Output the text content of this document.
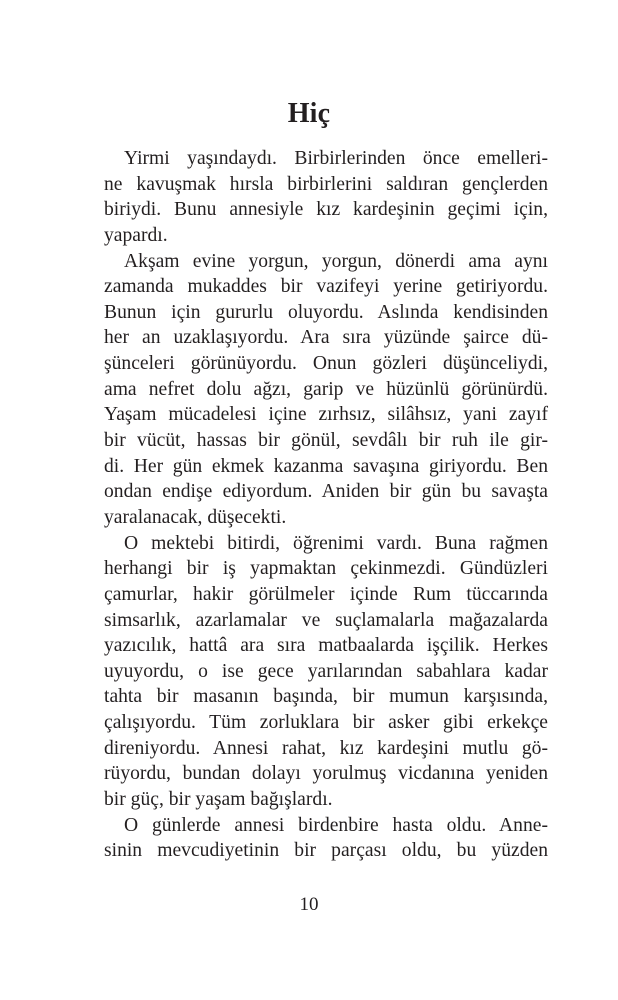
Hiç
Yirmi yaşındaydı. Birbirlerinden önce emelleri-
ne kavuşmak hırsla birbirlerini saldıran gençlerden
biriydi. Bunu annesiyle kız kardeşinin geçimi için,
yapardı.
Akşam evine yorgun, yorgun, dönerdi ama aynı
zamanda mukaddes bir vazifeyi yerine getiriyordu.
Bunun için gururlu oluyordu. Aslında kendisinden
her an uzaklaşıyordu. Ara sıra yüzünde şairce dü-
şünceleri görünüyordu. Onun gözleri düşünceliydi,
ama nefret dolu ağzı, garip ve hüzünlü görünürdü.
Yaşam mücadelesi içine zırhsız, silâhsız, yani zayıf
bir vücüt, hassas bir gönül, sevdâlı bir ruh ile gir-
di. Her gün ekmek kazanma savaşına giriyordu. Ben
ondan endişe ediyordum. Aniden bir gün bu savaşta
yaralanacak, düşecekti.
O mektebi bitirdi, öğrenimi vardı. Buna rağmen
herhangi bir iş yapmaktan çekinmezdi. Gündüzleri
çamurlar, hakir görülmeler içinde Rum tüccarında
simsarlık, azarlamalar ve suçlamalarla mağazalarda
yazıcılık, hattâ ara sıra matbaalarda işçilik. Herkes
uyuyordu, o ise gece yarılarından sabahlara kadar
tahta bir masanın başında, bir mumun karşısında,
çalışıyordu. Tüm zorluklara bir asker gibi erkekçe
direniyordu. Annesi rahat, kız kardeşini mutlu gö-
rüyordu, bundan dolayı yorulmuş vicdanına yeniden
bir güç, bir yaşam bağışlardı.
O günlerde annesi birdenbire hasta oldu. Anne-
sinin mevcudiyetinin bir parçası oldu, bu yüzden
10
